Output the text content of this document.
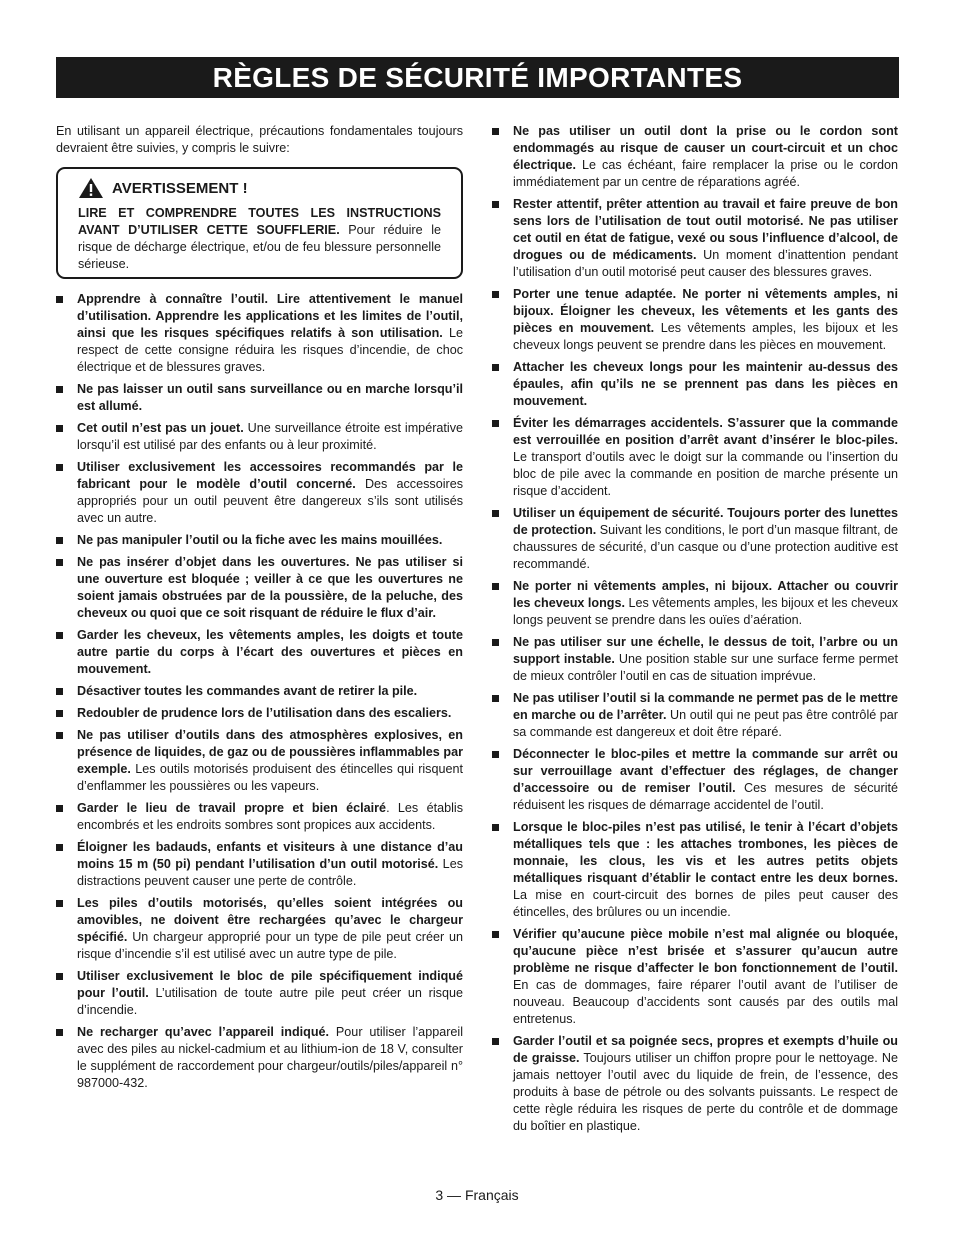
RÈGLES DE SÉCURITÉ IMPORTANTES

En utilisant un appareil électrique, précautions fondamentales toujours devraient être suivies, y compris le suivre:

AVERTISSEMENT !

LIRE ET COMPRENDRE TOUTES LES INSTRUCTIONS AVANT D’UTILISER CETTE SOUFFLERIE. Pour réduire le risque de décharge électrique, et/ou de feu blessure personnelle sérieuse.

Apprendre à connaître l’outil. Lire attentivement le manuel d’utilisation. Apprendre les applications et les limites de l’outil, ainsi que les risques spécifiques relatifs à son utilisation. Le respect de cette consigne réduira les risques d’incendie, de choc électrique et de blessures graves.
Ne pas laisser un outil sans surveillance ou en marche lorsqu’il est allumé.
Cet outil n’est pas un jouet. Une surveillance étroite est impérative lorsqu’il est utilisé par des enfants ou à leur proximité.
Utiliser exclusivement les accessoires recommandés par le fabricant pour le modèle d’outil concerné. Des accessoires appropriés pour un outil peuvent être dangereux s’ils sont utilisés avec un autre.
Ne pas manipuler l’outil ou la fiche avec les mains mouillées.
Ne pas insérer d’objet dans les ouvertures. Ne pas utiliser si une ouverture est bloquée ; veiller à ce que les ouvertures ne soient jamais obstruées par de la poussière, de la peluche, des cheveux ou quoi que ce soit risquant de réduire le flux d’air.
Garder les cheveux, les vêtements amples, les doigts et toute autre partie du corps à l’écart des ouvertures et pièces en mouvement.
Désactiver toutes les commandes avant de retirer la pile.
Redoubler de prudence lors de l’utilisation dans des escaliers.
Ne pas utiliser d’outils dans des atmosphères explosives, en présence de liquides, de gaz ou de poussières inflammables par exemple. Les outils motorisés produisent des étincelles qui risquent d’enflammer les poussières ou les vapeurs.
Garder le lieu de travail propre et bien éclairé. Les établis encombrés et les endroits sombres sont propices aux accidents.
Éloigner les badauds, enfants et visiteurs à une distance d’au moins 15 m (50 pi) pendant l’utilisation d’un outil motorisé. Les distractions peuvent causer une perte de contrôle.
Les piles d’outils motorisés, qu’elles soient intégrées ou amovibles, ne doivent être rechargées qu’avec le chargeur spécifié. Un chargeur approprié pour un type de pile peut créer un risque d’incendie s’il est utilisé avec un autre type de pile.
Utiliser exclusivement le bloc de pile spécifiquement indiqué pour l’outil. L’utilisation de toute autre pile peut créer un risque d’incendie.
Ne recharger qu’avec l’appareil indiqué. Pour utiliser l’appareil avec des piles au nickel-cadmium et au lithium-ion de 18 V, consulter le supplément de raccordement pour chargeur/outils/piles/appareil n° 987000-432.
Ne pas utiliser un outil dont la prise ou le cordon sont endommagés au risque de causer un court-circuit et un choc électrique. Le cas échéant, faire remplacer la prise ou le cordon immédiatement par un centre de réparations agréé.
Rester attentif, prêter attention au travail et faire preuve de bon sens lors de l’utilisation de tout outil motorisé. Ne pas utiliser cet outil en état de fatigue, vexé ou sous l’influence d’alcool, de drogues ou de médicaments. Un moment d’inattention pendant l’utilisation d’un outil motorisé peut causer des blessures graves.
Porter une tenue adaptée. Ne porter ni vêtements amples, ni bijoux. Éloigner les cheveux, les vêtements et les gants des pièces en mouvement. Les vêtements amples, les bijoux et les cheveux longs peuvent se prendre dans les pièces en mouvement.
Attacher les cheveux longs pour les maintenir au-dessus des épaules, afin qu’ils ne se prennent pas dans les pièces en mouvement.
Éviter les démarrages accidentels. S’assurer que la commande est verrouillée en position d’arrêt avant d’insérer le bloc-piles. Le transport d’outils avec le doigt sur la commande ou l’insertion du bloc de pile avec la commande en position de marche présente un risque d’accident.
Utiliser un équipement de sécurité. Toujours porter des lunettes de protection. Suivant les conditions, le port d’un masque filtrant, de chaussures de sécurité, d’un casque ou d’une protection auditive est recommandé.
Ne porter ni vêtements amples, ni bijoux. Attacher ou couvrir les cheveux longs. Les vêtements amples, les bijoux et les cheveux longs peuvent se prendre dans les ouïes d’aération.
Ne pas utiliser sur une échelle, le dessus de toit, l’arbre ou un support instable. Une position stable sur une surface ferme permet de mieux contrôler l’outil en cas de situation imprévue.
Ne pas utiliser l’outil si la commande ne permet pas de le mettre en marche ou de l’arrêter. Un outil qui ne peut pas être contrôlé par sa commande est dangereux et doit être réparé.
Déconnecter le bloc-piles et mettre la commande sur arrêt ou sur verrouillage avant d’effectuer des réglages, de changer d’accessoire ou de remiser l’outil. Ces mesures de sécurité réduisent les risques de démarrage accidentel de l’outil.
Lorsque le bloc-piles n’est pas utilisé, le tenir à l’écart d’objets métalliques tels que : les attaches trombones, les pièces de monnaie, les clous, les vis et les autres petits objets métalliques risquant d’établir le contact entre les deux bornes. La mise en court-circuit des bornes de piles peut causer des étincelles, des brûlures ou un incendie.
Vérifier qu’aucune pièce mobile n’est mal alignée ou bloquée, qu’aucune pièce n’est brisée et s’assurer qu’aucun autre problème ne risque d’affecter le bon fonctionnement de l’outil. En cas de dommages, faire réparer l’outil avant de l’utiliser de nouveau. Beaucoup d’accidents sont causés par des outils mal entretenus.
Garder l’outil et sa poignée secs, propres et exempts d’huile ou de graisse. Toujours utiliser un chiffon propre pour le nettoyage. Ne jamais nettoyer l’outil avec du liquide de frein, de l’essence, des produits à base de pétrole ou des solvants puissants. Le respect de cette règle réduira les risques de perte du contrôle et de dommage du boîtier en plastique.
3 — Français
